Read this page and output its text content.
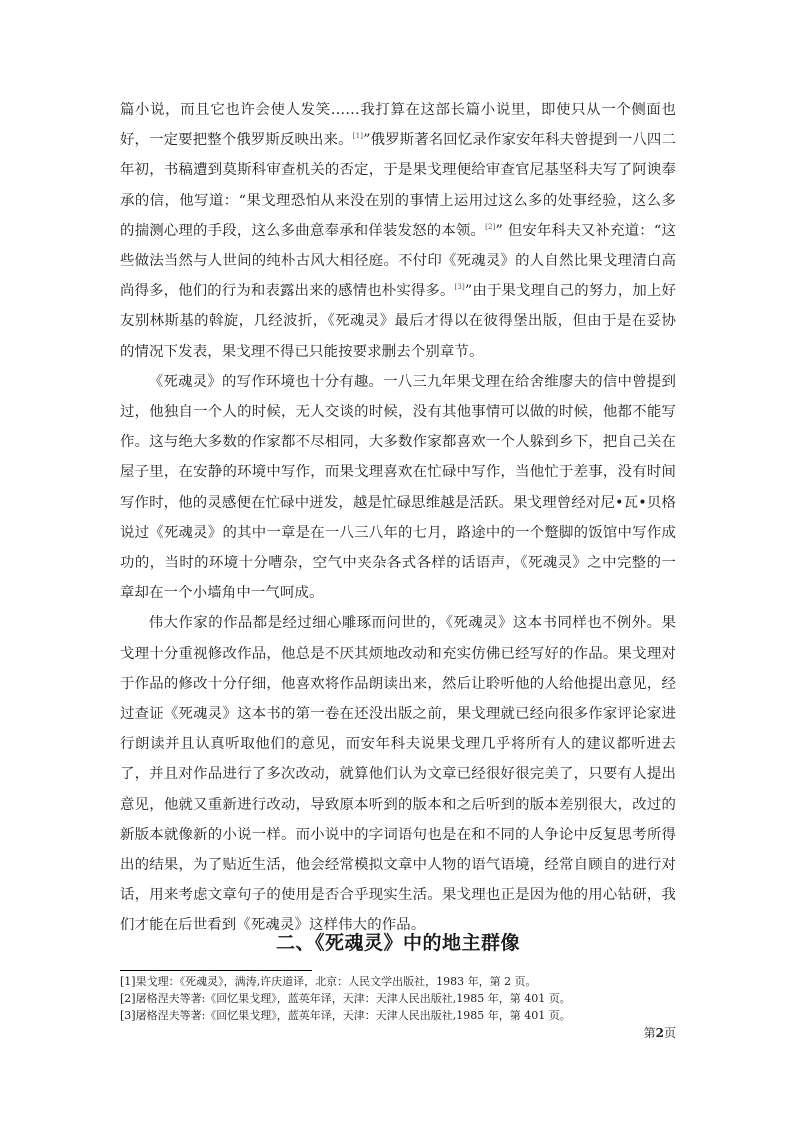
篇小说，而且它也许会使人发笑……我打算在这部长篇小说里，即使只从一个侧面也好，一定要把整个俄罗斯反映出来。[1]”俄罗斯著名回忆录作家安年科夫曾提到一八四二年初，书稿遭到莫斯科审查机关的否定，于是果戈理便给审查官尼基坚科夫写了阿谀奉承的信，他写道：“果戈理恐怕从来没在别的事情上运用过这么多的处事经验，这么多的揣测心理的手段，这么多曲意奉承和佯装发怒的本领。[2]” 但安年科夫又补充道：“这些做法当然与人世间的纯朴古风大相径庭。不付印《死魂灵》的人自然比果戈理清白高尚得多，他们的行为和表露出来的感情也朴实得多。[3]”由于果戈理自己的努力，加上好友别林斯基的斡旋，几经波折，《死魂灵》最后才得以在彼得堡出版，但由于是在妥协的情况下发表，果戈理不得已只能按要求删去个别章节。

《死魂灵》的写作环境也十分有趣。一八三九年果戈理在给舍维廖夫的信中曾提到过，他独自一个人的时候，无人交谈的时候，没有其他事情可以做的时候，他都不能写作。这与绝大多数的作家都不尽相同，大多数作家都喜欢一个人躲到乡下，把自己关在屋子里，在安静的环境中写作，而果戈理喜欢在忙碌中写作，当他忙于差事，没有时间写作时，他的灵感便在忙碌中迸发，越是忙碌思维越是活跃。果戈理曾经对尼•瓦•贝格说过《死魂灵》的其中一章是在一八三八年的七月，路途中的一个蹩脚的饭馆中写作成功的，当时的环境十分嘈杂，空气中夹杂各式各样的话语声，《死魂灵》之中完整的一章却在一个小墙角中一气呵成。

伟大作家的作品都是经过细心雕琢而问世的，《死魂灵》这本书同样也不例外。果戈理十分重视修改作品，他总是不厌其烦地改动和充实仿佛已经写好的作品。果戈理对于作品的修改十分仔细，他喜欢将作品朗读出来，然后让聆听他的人给他提出意见，经过查证《死魂灵》这本书的第一卷在还没出版之前，果戈理就已经向很多作家评论家进行朗读并且认真听取他们的意见，而安年科夫说果戈理几乎将所有人的建议都听进去了，并且对作品进行了多次改动，就算他们认为文章已经很好很完美了，只要有人提出意见，他就又重新进行改动，导致原本听到的版本和之后听到的版本差别很大，改过的新版本就像新的小说一样。而小说中的字词语句也是在和不同的人争论中反复思考所得出的结果，为了贴近生活，他会经常模拟文章中人物的语气语境，经常自顾自的进行对话，用来考虑文章句子的使用是否合乎现实生活。果戈理也正是因为他的用心钻研，我们才能在后世看到《死魂灵》这样伟大的作品。

二、《死魂灵》中的地主群像

[1]果戈理：《死魂灵》，满涛,许庆道译，北京：人民文学出版社，1983 年，第 2 页。

[2]屠格涅夫等著:《回忆果戈理》，蓝英年译，天津：天津人民出版社,1985 年，第 401 页。

[3]屠格涅夫等著:《回忆果戈理》，蓝英年译，天津：天津人民出版社,1985 年，第 401 页。

第2页
